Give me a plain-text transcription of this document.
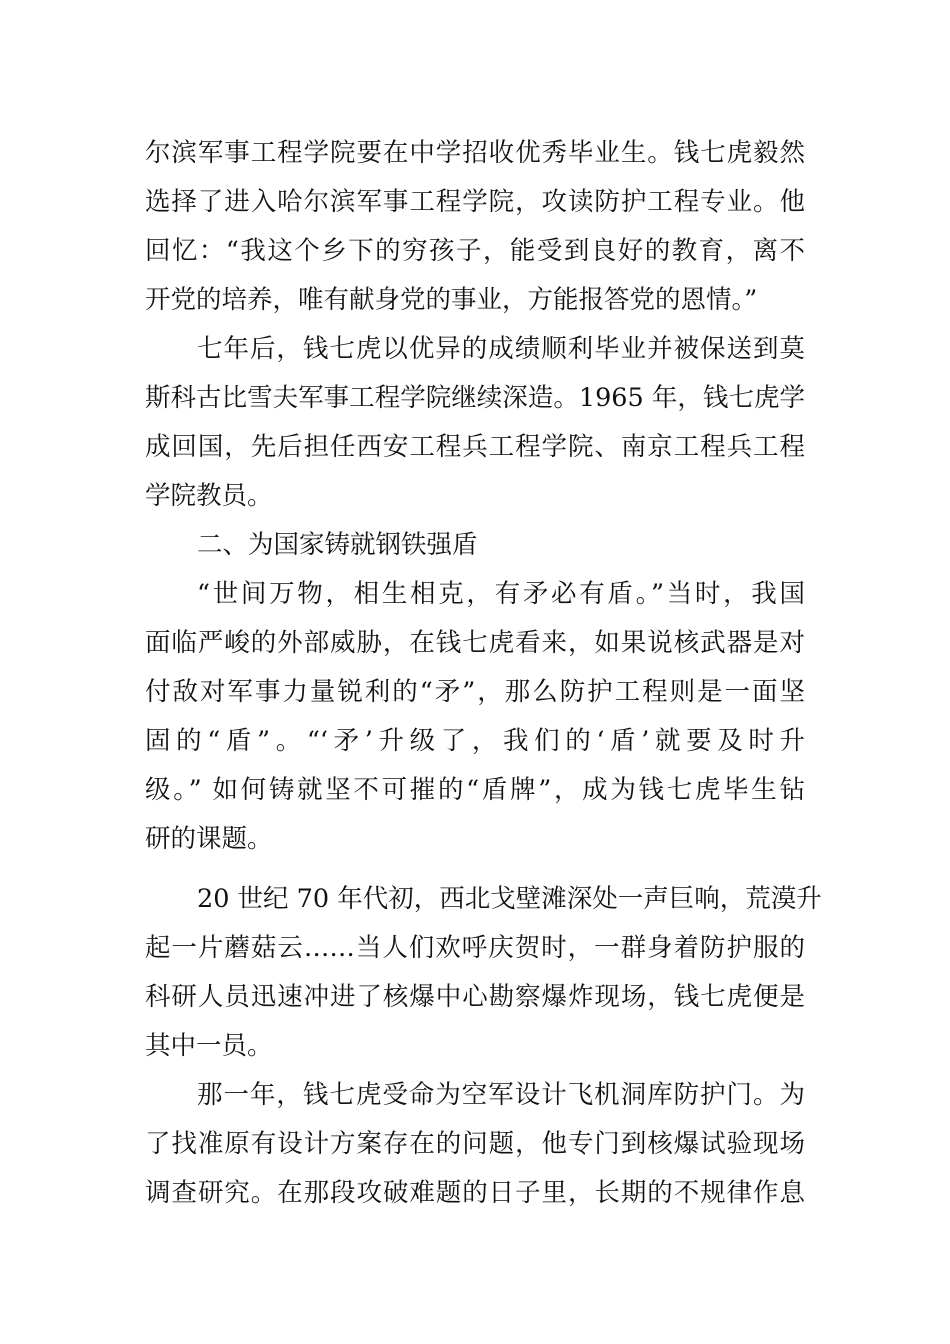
尔滨军事工程学院要在中学招收优秀毕业生。钱七虎毅然
选择了进入哈尔滨军事工程学院，攻读防护工程专业。他
回忆：“我这个乡下的穷孩子，能受到良好的教育，离不
开党的培养，唯有献身党的事业，方能报答党的恩情。”
七年后，钱七虎以优异的成绩顺利毕业并被保送到莫
斯科古比雪夫军事工程学院继续深造。1965 年，钱七虎学
成回国，先后担任西安工程兵工程学院、南京工程兵工程
学院教员。
二、为国家铸就钢铁强盾
“世间万物，相生相克，有矛必有盾。”当时，我国
面临严峻的外部威胁，在钱七虎看来，如果说核武器是对
付敌对军事力量锐利的“矛”，那么防护工程则是一面坚
固的“盾”。“‘矛’升级了，我们的‘盾’就要及时升
级。” 如何铸就坚不可摧的“盾牌”，成为钱七虎毕生钻
研的课题。
20 世纪 70 年代初，西北戈壁滩深处一声巨响，荒漠升
起一片蘑菇云……当人们欢呼庆贺时，一群身着防护服的
科研人员迅速冲进了核爆中心勘察爆炸现场，钱七虎便是
其中一员。
那一年，钱七虎受命为空军设计飞机洞库防护门。为
了找准原有设计方案存在的问题，他专门到核爆试验现场
调查研究。在那段攻破难题的日子里，长期的不规律作息
